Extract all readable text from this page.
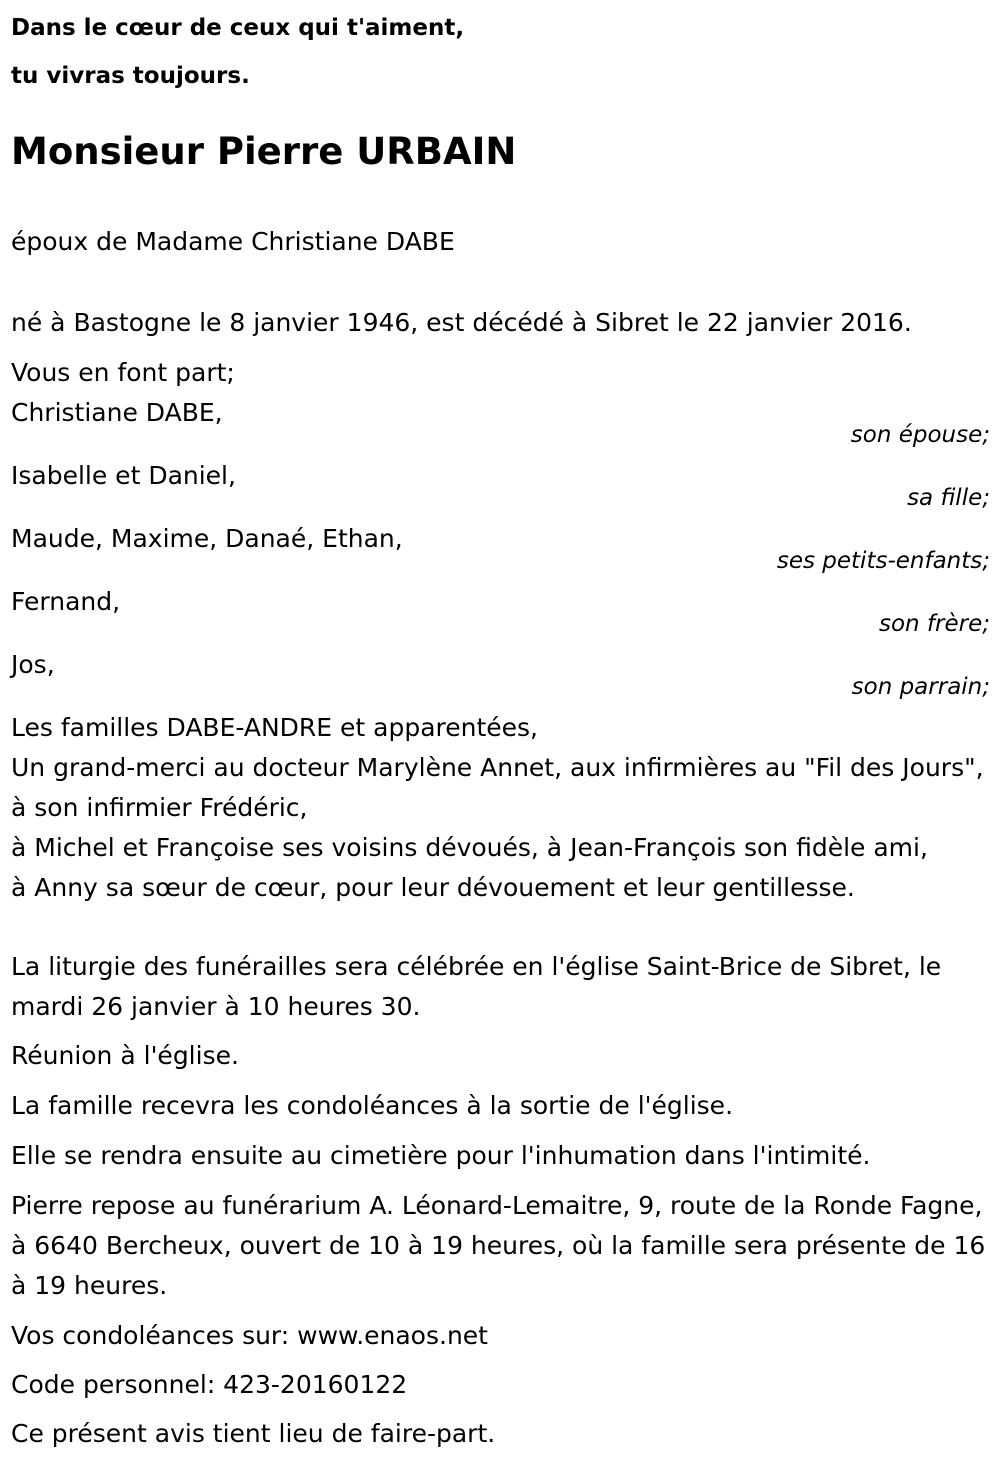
Dans le cœur de ceux qui t'aiment,

tu vivras toujours.

Monsieur Pierre URBAIN
époux de Madame Christiane DABE
né à Bastogne le 8 janvier 1946, est décédé à Sibret le 22 janvier 2016.
Vous en font part;
Christiane DABE,
son épouse;
Isabelle et Daniel,
sa fille;
Maude, Maxime, Danaé, Ethan,
ses petits-enfants;
Fernand,
son frère;
Jos,
son parrain;
Les familles DABE-ANDRE et apparentées,
Un grand-merci au docteur Marylène Annet, aux infirmières au "Fil des Jours", à son infirmier Frédéric,
à Michel et Françoise ses voisins dévoués, à Jean-François son fidèle ami,
à Anny sa sœur de cœur, pour leur dévouement et leur gentillesse.
La liturgie des funérailles sera célébrée en l'église Saint-Brice de Sibret, le mardi 26 janvier à 10 heures 30.
Réunion à l'église.
La famille recevra les condoléances à la sortie de l'église.
Elle se rendra ensuite au cimetière pour l'inhumation dans l'intimité.
Pierre repose au funérarium A. Léonard-Lemaitre, 9, route de la Ronde Fagne, à 6640 Bercheux, ouvert de 10 à 19 heures, où la famille sera présente de 16 à 19 heures.
Vos condoléances sur: www.enaos.net
Code personnel: 423-20160122
Ce présent avis tient lieu de faire-part.
